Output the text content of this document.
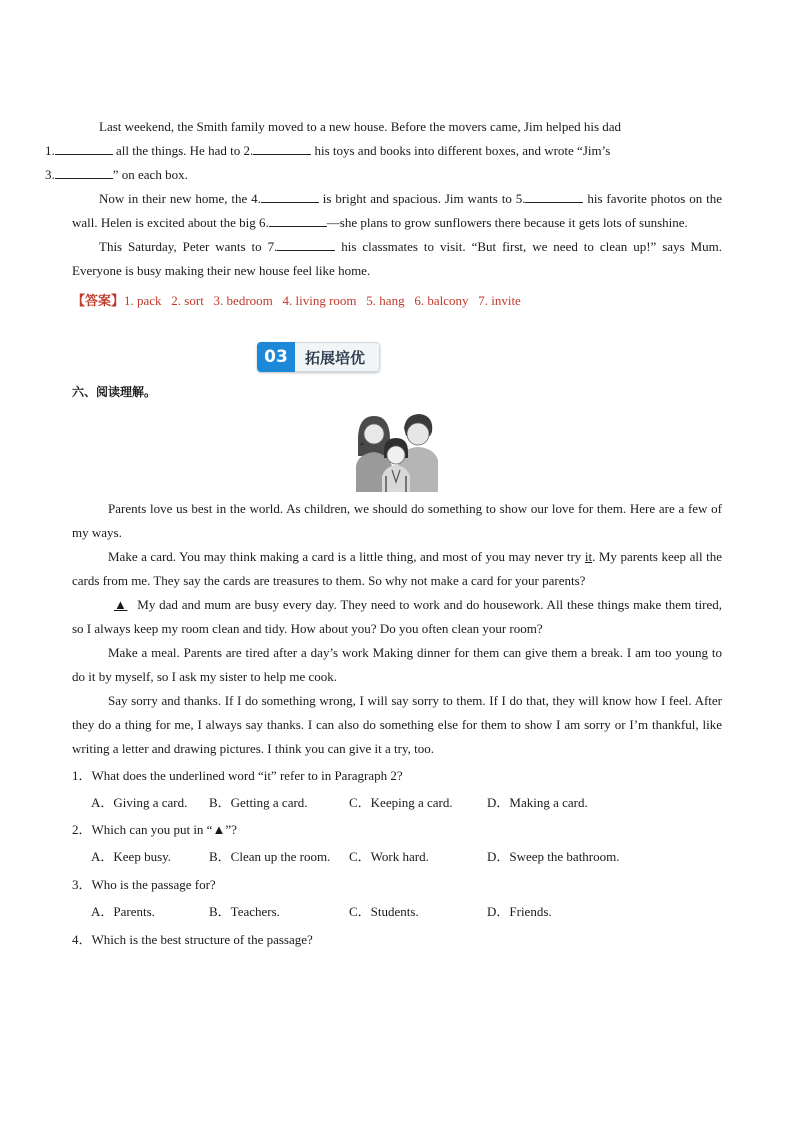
Last weekend, the Smith family moved to a new house. Before the movers came, Jim helped his dad
1.	all the things. He had to 2.	his toys and books into different boxes, and wrote “Jim’s
3.	” on each box.

Now in their new home, the 4.	is bright and spacious. Jim wants to 5.	his favorite photos on the wall. Helen is excited about the big 6.	—she plans to grow sunflowers there because it gets lots of sunshine.

This Saturday, Peter wants to 7.	his classmates to visit. “But first, we need to clean up!” says Mum. Everyone is busy making their new house feel like home.

【答案】1. pack   2. sort   3. bedroom   4. living room   5. hang   6. balcony   7. invite

03	拓展培优
六、阅读理解。

Parents love us best in the world. As children, we should do something to show our love for them. Here are a few of my ways.

Make a card. You may think making a card is a little thing, and most of you may never try it. My parents keep all the cards from me. They say the cards are treasures to them. So why not make a card for your parents?

▲ My dad and mum are busy every day. They need to work and do housework. All these things make them tired, so I always keep my room clean and tidy. How about you? Do you often clean your room?

Make a meal. Parents are tired after a day’s work Making dinner for them can give them a break. I am too young to do it by myself, so I ask my sister to help me cook.

Say sorry and thanks. If I do something wrong, I will say sorry to them. If I do that, they will know how I feel. After they do a thing for me, I always say thanks. I can also do something else for them to show I am sorry or I’m thankful, like writing a letter and drawing pictures. I think you can give it a try, too.

1．What does the underlined word “it” refer to in Paragraph 2?

A．Giving a card.	B．Getting a card.	C．Keeping a card.	D．Making a card.

2．Which can you put in “▲”?

A．Keep busy.	B．Clean up the room.	C．Work hard.	D．Sweep the bathroom.

3．Who is the passage for?

A．Parents.	B．Teachers.	C．Students.	D．Friends.

4．Which is the best structure of the passage?
